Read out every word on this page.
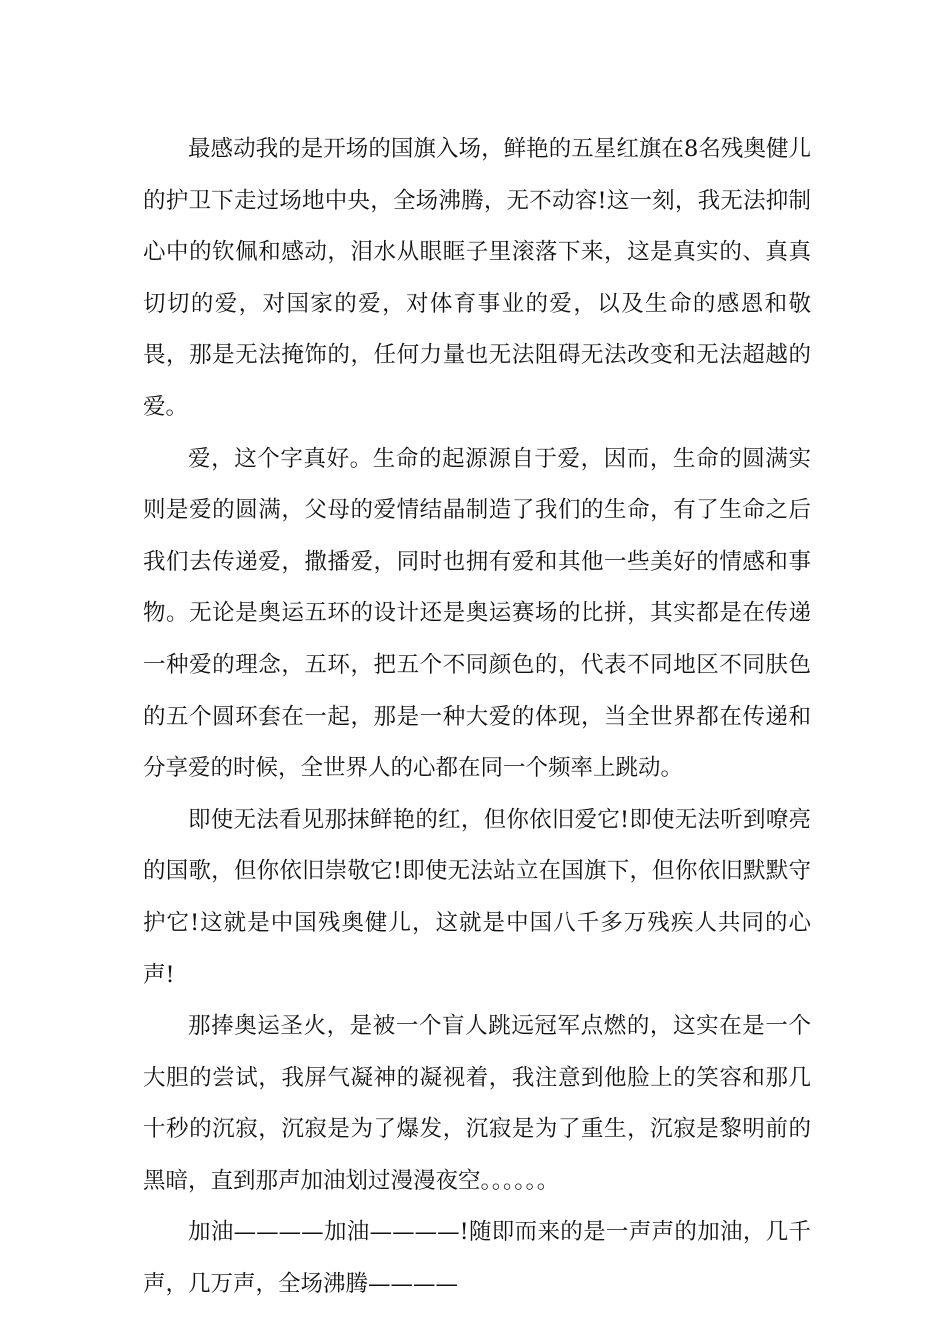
最感动我的是开场的国旗入场，鲜艳的五星红旗在8名残奥健儿的护卫下走过场地中央，全场沸腾，无不动容!这一刻，我无法抑制心中的钦佩和感动，泪水从眼眶子里滚落下来，这是真实的、真真切切的爱，对国家的爱，对体育事业的爱，以及生命的感恩和敬畏，那是无法掩饰的，任何力量也无法阻碍无法改变和无法超越的爱。

爱，这个字真好。生命的起源源自于爱，因而，生命的圆满实则是爱的圆满，父母的爱情结晶制造了我们的生命，有了生命之后我们去传递爱，撒播爱，同时也拥有爱和其他一些美好的情感和事物。无论是奥运五环的设计还是奥运赛场的比拼，其实都是在传递一种爱的理念，五环，把五个不同颜色的，代表不同地区不同肤色的五个圆环套在一起，那是一种大爱的体现，当全世界都在传递和分享爱的时候，全世界人的心都在同一个频率上跳动。

即使无法看见那抹鲜艳的红，但你依旧爱它!即使无法听到嘹亮的国歌，但你依旧崇敬它!即使无法站立在国旗下，但你依旧默默守护它!这就是中国残奥健儿，这就是中国八千多万残疾人共同的心声!

那捧奥运圣火，是被一个盲人跳远冠军点燃的，这实在是一个大胆的尝试，我屏气凝神的凝视着，我注意到他脸上的笑容和那几十秒的沉寂，沉寂是为了爆发，沉寂是为了重生，沉寂是黎明前的黑暗，直到那声加油划过漫漫夜空。。。。。。

加油————加油————!随即而来的是一声声的加油，几千声，几万声，全场沸腾————
